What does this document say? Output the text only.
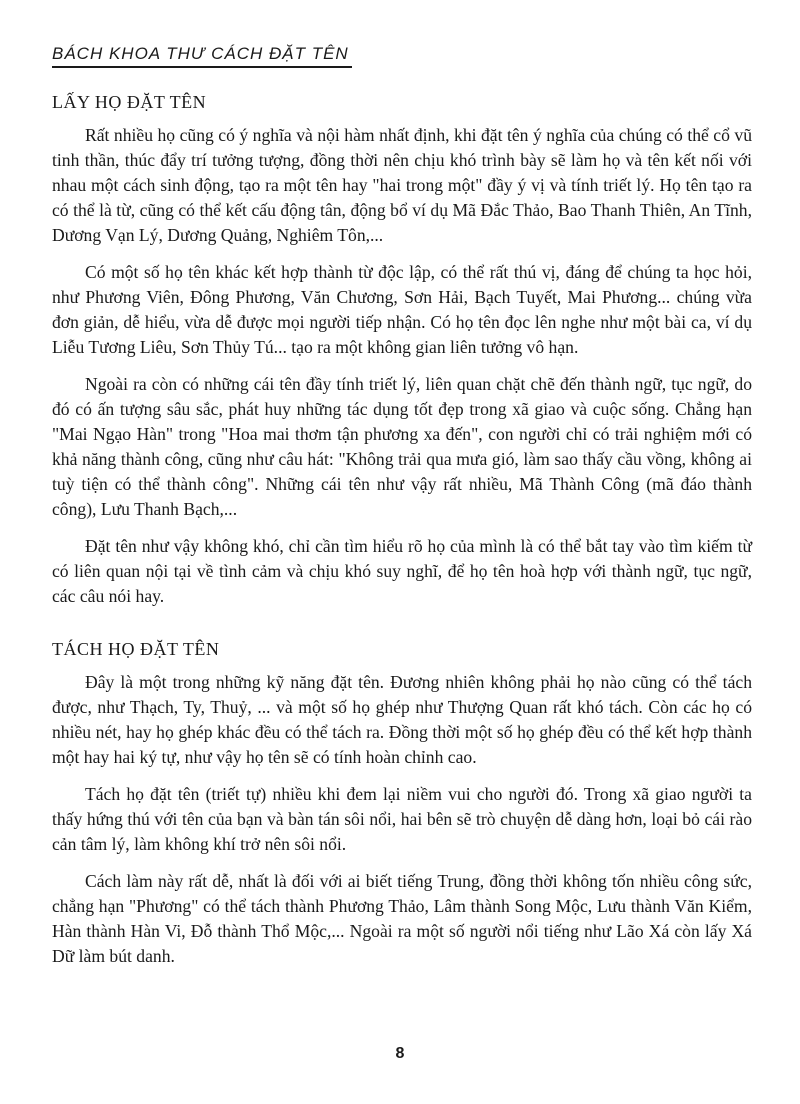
BÁCH KHOA THƯ CÁCH ĐẶT TÊN
LẤY HỌ ĐẶT TÊN

Rất nhiều họ cũng có ý nghĩa và nội hàm nhất định, khi đặt tên ý nghĩa của chúng có thể cổ vũ tinh thần, thúc đẩy trí tưởng tượng, đồng thời nên chịu khó trình bày sẽ làm họ và tên kết nối với nhau một cách sinh động, tạo ra một tên hay "hai trong một" đầy ý vị và tính triết lý. Họ tên tạo ra có thể là từ, cũng có thể kết cấu động tân, động bổ ví dụ Mã Đắc Thảo, Bao Thanh Thiên, An Tĩnh, Dương Vạn Lý, Dương Quảng, Nghiêm Tôn,...

Có một số họ tên khác kết hợp thành từ độc lập, có thể rất thú vị, đáng để chúng ta học hỏi, như Phương Viên, Đông Phương, Văn Chương, Sơn Hải, Bạch Tuyết, Mai Phương... chúng vừa đơn giản, dễ hiểu, vừa dễ được mọi người tiếp nhận. Có họ tên đọc lên nghe như một bài ca, ví dụ Liễu Tương Liêu, Sơn Thủy Tú... tạo ra một không gian liên tưởng vô hạn.

Ngoài ra còn có những cái tên đầy tính triết lý, liên quan chặt chẽ đến thành ngữ, tục ngữ, do đó có ấn tượng sâu sắc, phát huy những tác dụng tốt đẹp trong xã giao và cuộc sống. Chẳng hạn "Mai Ngạo Hàn" trong "Hoa mai thơm tận phương xa đến", con người chỉ có trải nghiệm mới có khả năng thành công, cũng như câu hát: "Không trải qua mưa gió, làm sao thấy cầu vồng, không ai tuỳ tiện có thể thành công". Những cái tên như vậy rất nhiều, Mã Thành Công (mã đáo thành công), Lưu Thanh Bạch,...

Đặt tên như vậy không khó, chỉ cần tìm hiểu rõ họ của mình là có thể bắt tay vào tìm kiếm từ có liên quan nội tại về tình cảm và chịu khó suy nghĩ, để họ tên hoà hợp với thành ngữ, tục ngữ, các câu nói hay.

TÁCH HỌ ĐẶT TÊN

Đây là một trong những kỹ năng đặt tên. Đương nhiên không phải họ nào cũng có thể tách được, như Thạch, Ty, Thuỷ, ... và một số họ ghép như Thượng Quan rất khó tách. Còn các họ có nhiều nét, hay họ ghép khác đều có thể tách ra. Đồng thời một số họ ghép đều có thể kết hợp thành một hay hai ký tự, như vậy họ tên sẽ có tính hoàn chỉnh cao.

Tách họ đặt tên (triết tự) nhiều khi đem lại niềm vui cho người đó. Trong xã giao người ta thấy hứng thú với tên của bạn và bàn tán sôi nổi, hai bên sẽ trò chuyện dễ dàng hơn, loại bỏ cái rào cản tâm lý, làm không khí trở nên sôi nổi.

Cách làm này rất dễ, nhất là đối với ai biết tiếng Trung, đồng thời không tốn nhiều công sức, chẳng hạn "Phương" có thể tách thành Phương Thảo, Lâm thành Song Mộc, Lưu thành Văn Kiểm, Hàn thành Hàn Vi, Đỗ thành Thổ Mộc,... Ngoài ra một số người nổi tiếng như Lão Xá còn lấy Xá Dữ làm bút danh.

8
